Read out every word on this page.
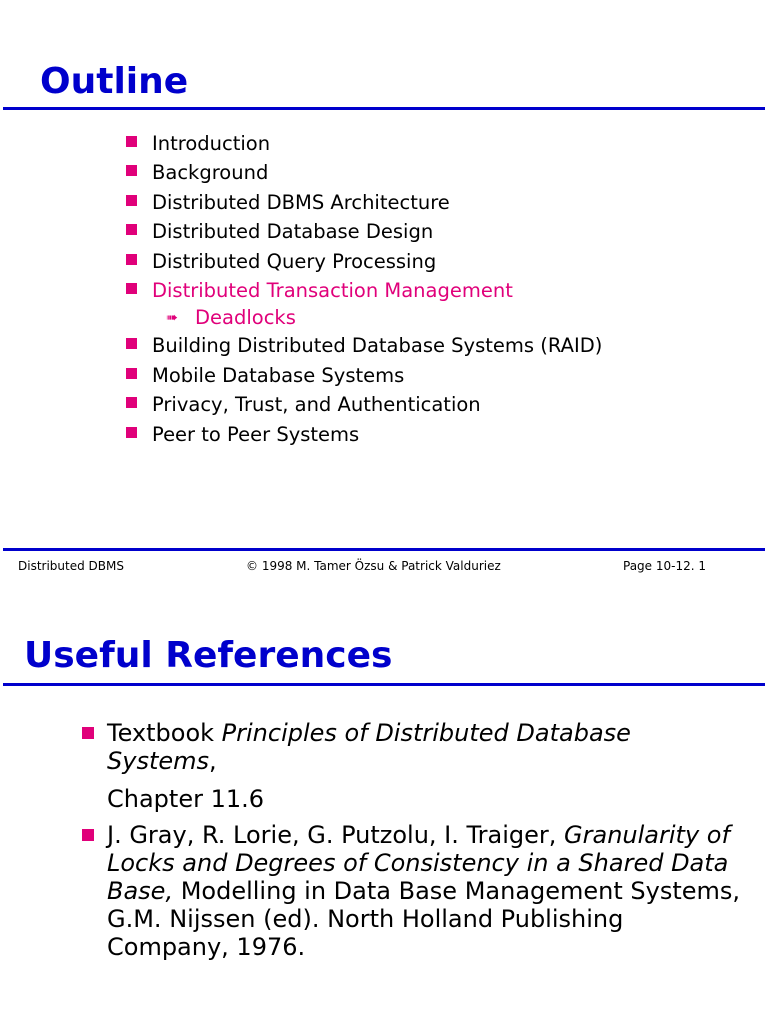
Outline
Introduction
Background
Distributed DBMS Architecture
Distributed Database Design
Distributed Query Processing
Distributed Transaction Management
➠ Deadlocks
Building Distributed Database Systems (RAID)
Mobile Database Systems
Privacy, Trust, and Authentication
Peer to Peer Systems
Distributed DBMS	© 1998 M. Tamer Özsu & Patrick Valduriez	Page 10-12. 1
Useful References
Textbook Principles of Distributed Database Systems,
Chapter 11.6
J. Gray, R. Lorie, G. Putzolu, I. Traiger, Granularity of Locks and Degrees of Consistency in a Shared Data Base, Modelling in Data Base Management Systems, G.M. Nijssen (ed). North Holland Publishing Company, 1976.
